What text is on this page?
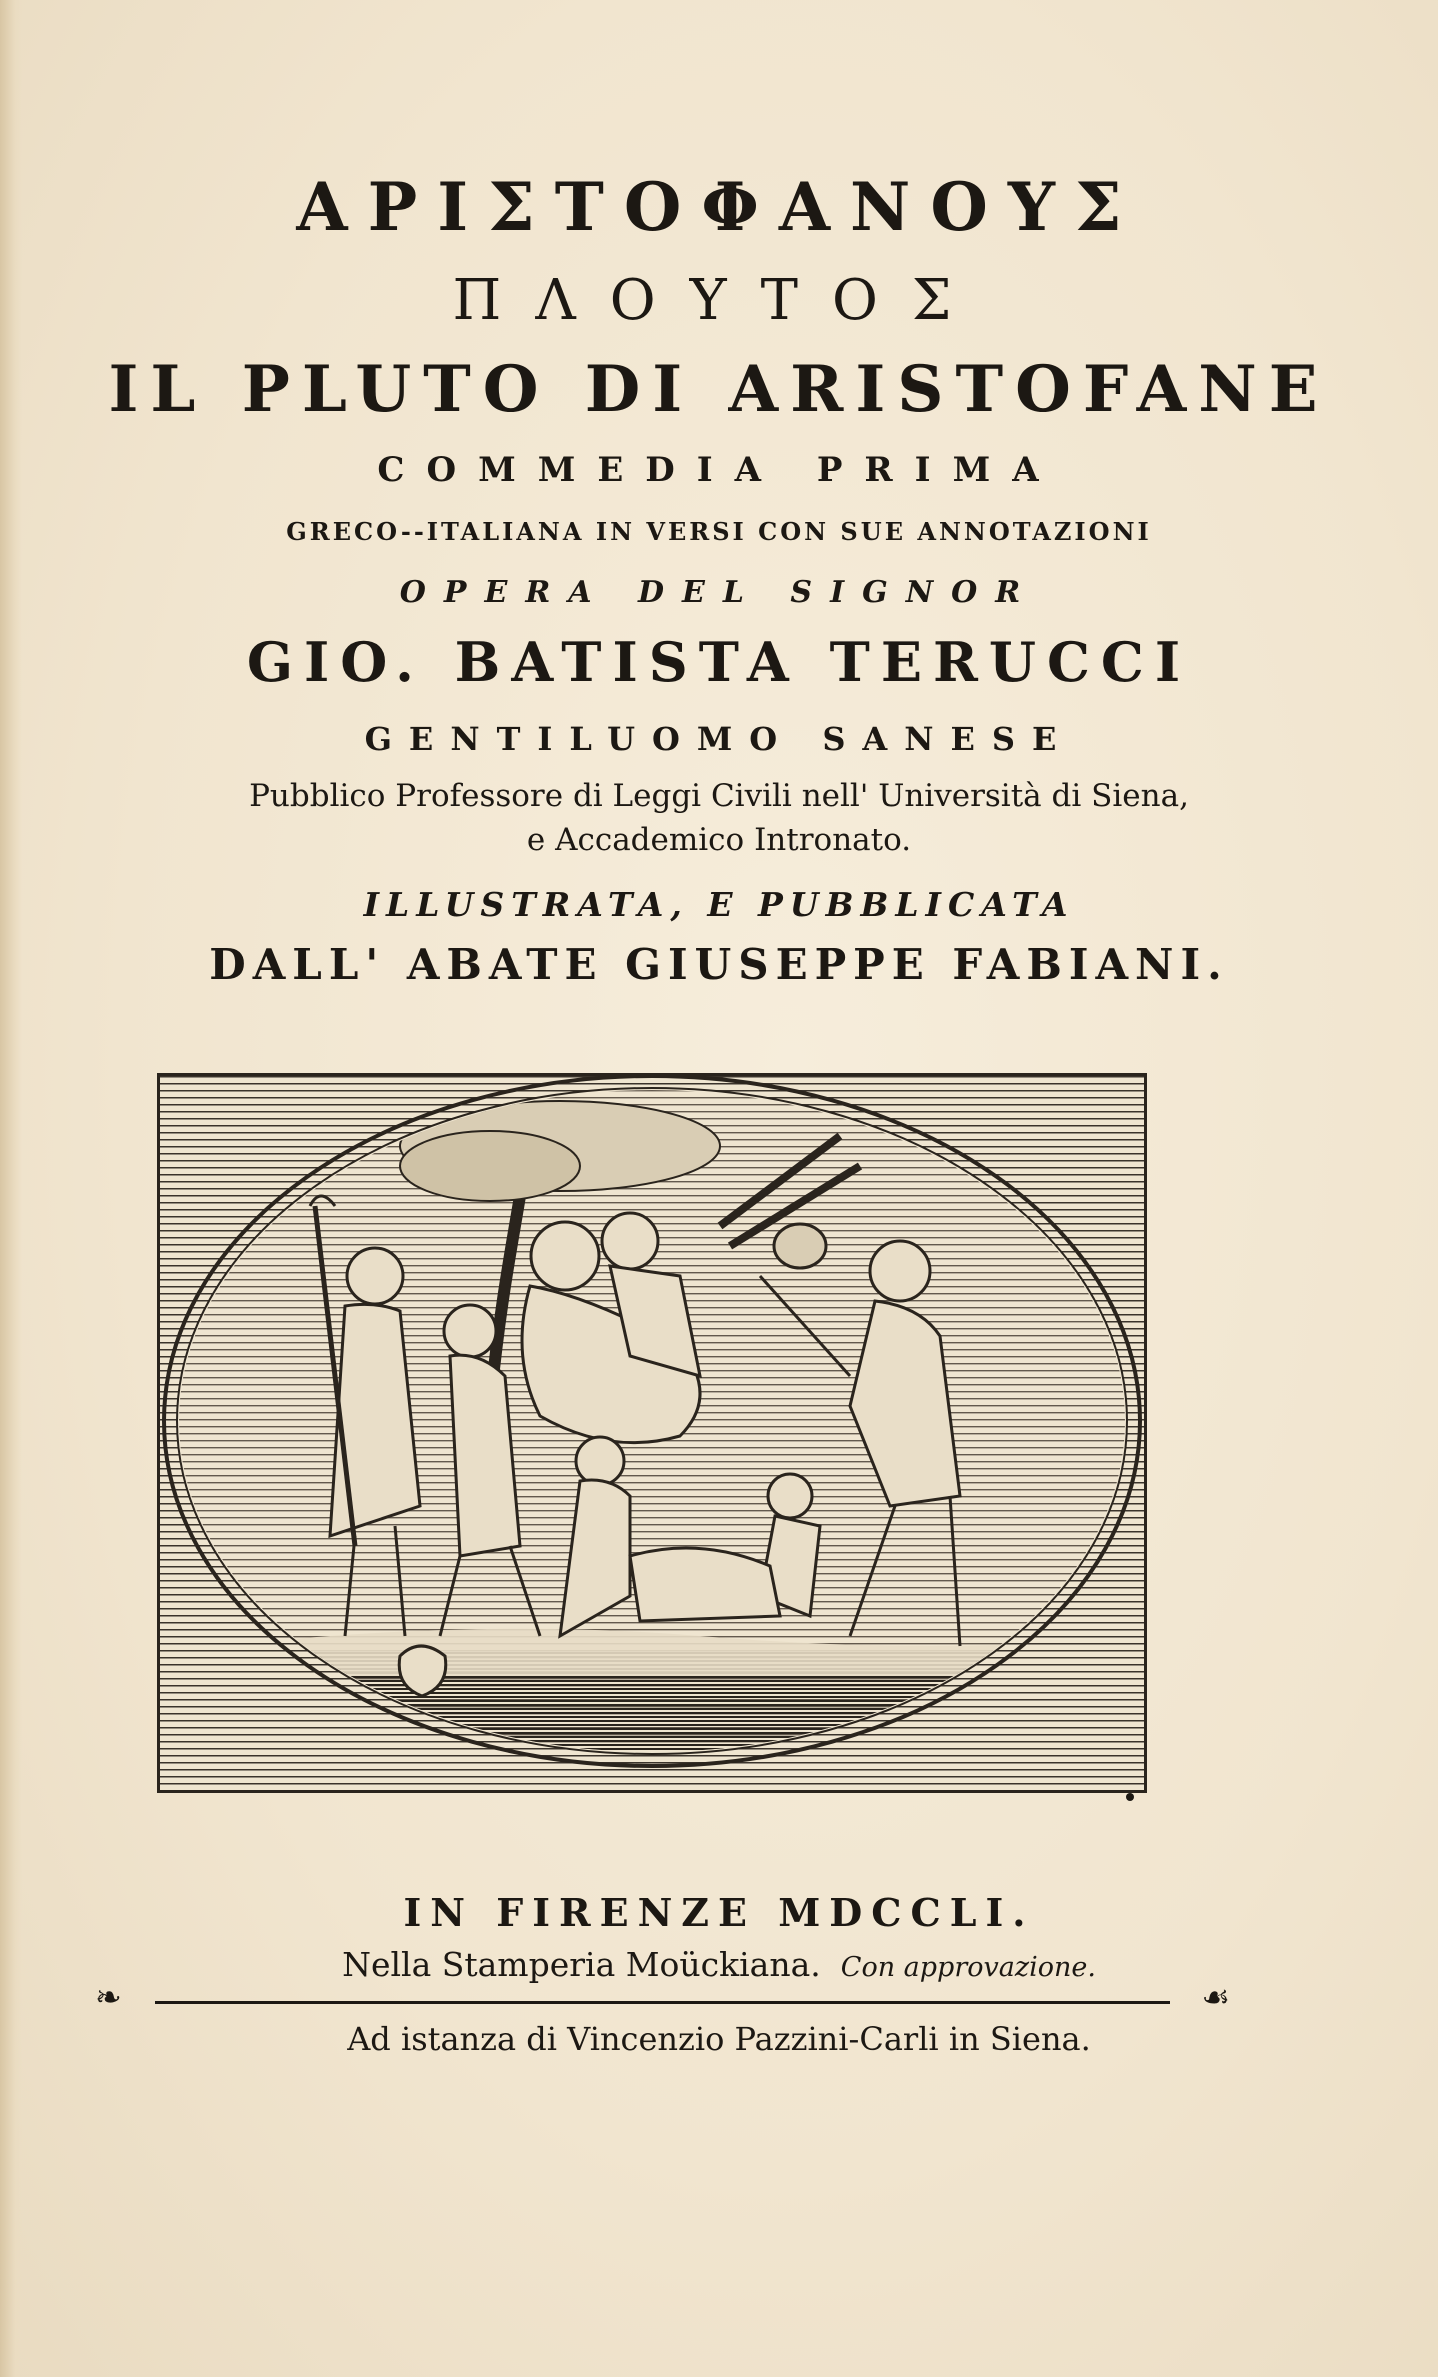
ΑΡΙΣΤΟΦΑΝΟΥΣ
ΠΛΟΥΤΟΣ
IL PLUTO DI ARISTOFANE
COMMEDIA PRIMA
GRECO--ITALIANA IN VERSI CON SUE ANNOTAZIONI
OPERA DEL SIGNOR
GIO. BATISTA TERUCCI
GENTILUOMO SANESE
Pubblico Professore di Leggi Civili nell' Università di Siena,
e Accademico Intronato.
ILLUSTRATA, E PUBBLICATA
DALL' ABATE GIUSEPPE FABIANI.
IN FIRENZE MDCCLI.
Nella Stamperia Moückiana. Con approvazione.
❧	☙
Ad istanza di Vincenzio Pazzini-Carli in Siena.
